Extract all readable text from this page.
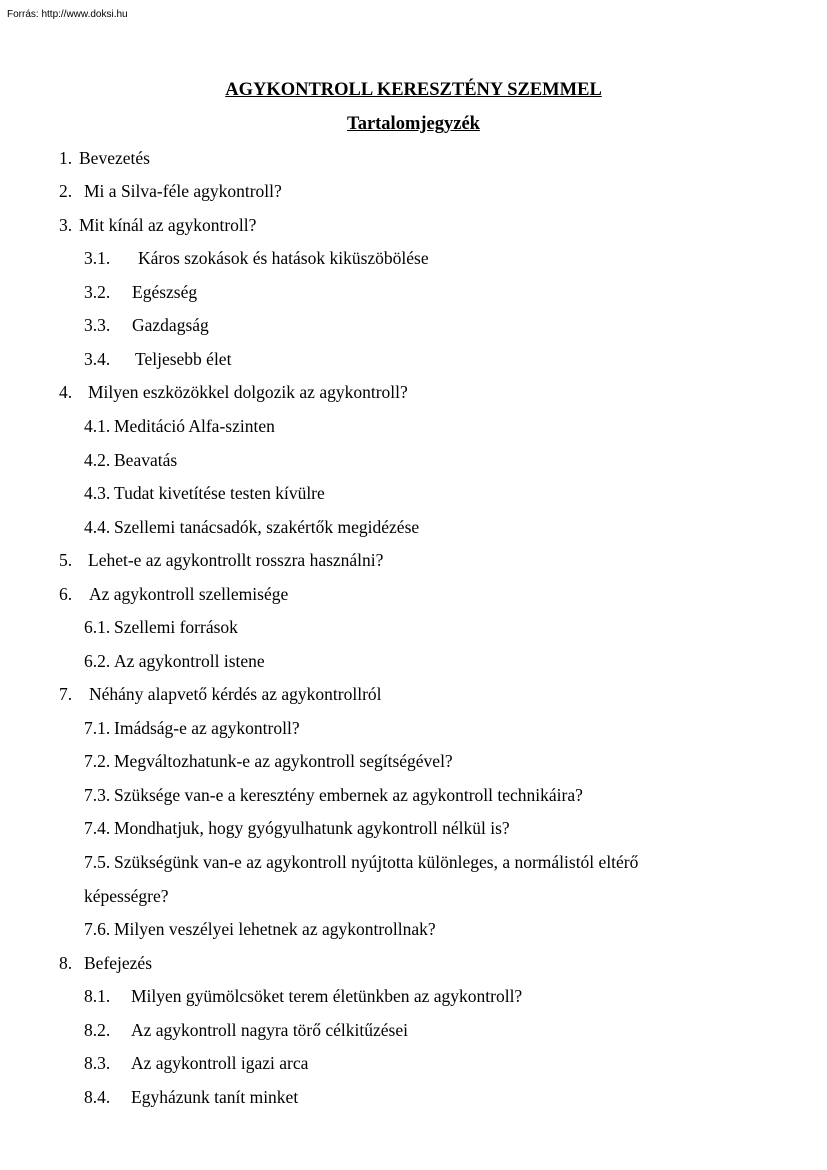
Forrás: http://www.doksi.hu

AGYKONTROLL KERESZTÉNY SZEMMEL
Tartalomjegyzék
1. Bevezetés
2. Mi a Silva-féle agykontroll?
3. Mit kínál az agykontroll?
3.1. Káros szokások és hatások kiküszöbölése
3.2. Egészség
3.3. Gazdagság
3.4. Teljesebb élet
4. Milyen eszközökkel dolgozik az agykontroll?
4.1. Meditáció Alfa-szinten
4.2. Beavatás
4.3. Tudat kivetítése testen kívülre
4.4. Szellemi tanácsadók, szakértők megidézése
5. Lehet-e az agykontrollt rosszra használni?
6. Az agykontroll szellemisége
6.1. Szellemi források
6.2. Az agykontroll istene
7. Néhány alapvető kérdés az agykontrollról
7.1. Imádság-e az agykontroll?
7.2. Megváltozhatunk-e az agykontroll segítségével?
7.3. Szüksége van-e a keresztény embernek az agykontroll technikáira?
7.4. Mondhatjuk, hogy gyógyulhatunk agykontroll nélkül is?
7.5. Szükségünk van-e az agykontroll nyújtotta különleges, a normálistól eltérő
képességre?
7.6. Milyen veszélyei lehetnek az agykontrollnak?
8. Befejezés
8.1. Milyen gyümölcsöket terem életünkben az agykontroll?
8.2. Az agykontroll nagyra törő célkitűzései
8.3. Az agykontroll igazi arca
8.4. Egyházunk tanít minket
